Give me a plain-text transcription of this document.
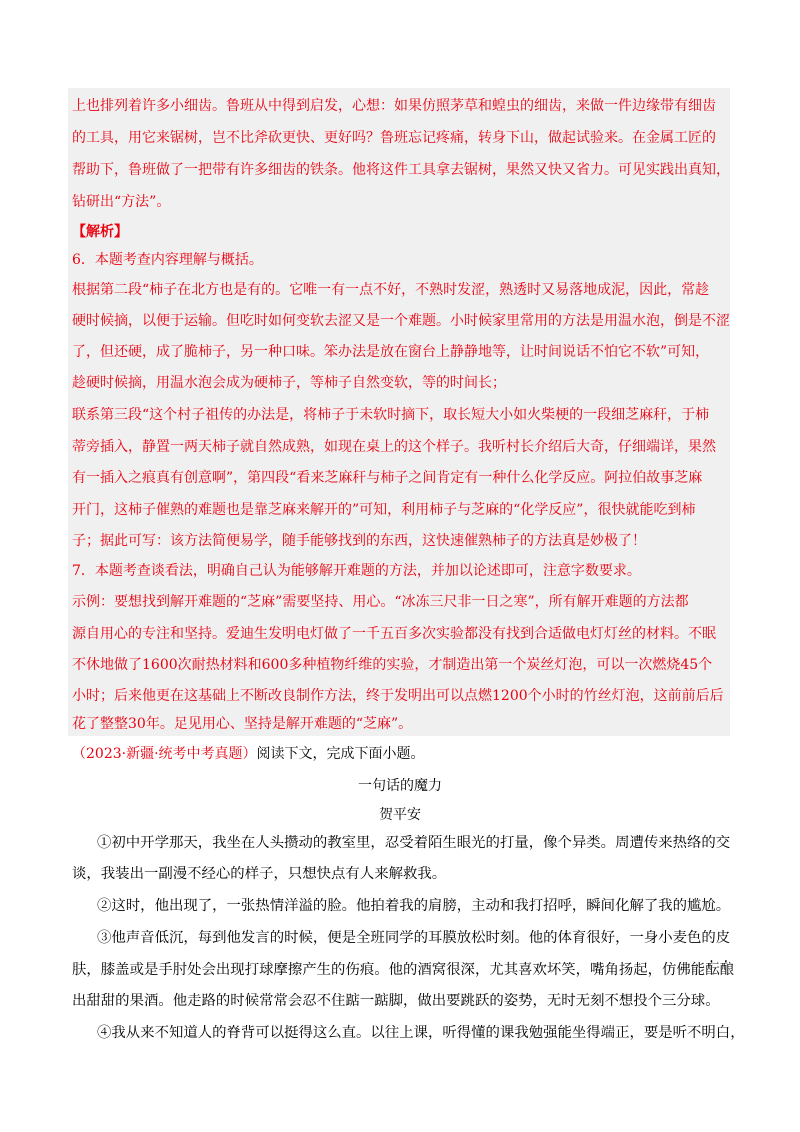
上也排列着许多小细齿。鲁班从中得到启发，心想：如果仿照茅草和蝗虫的细齿，来做一件边缘带有细齿
的工具，用它来锯树，岂不比斧砍更快、更好吗？鲁班忘记疼痛，转身下山，做起试验来。在金属工匠的
帮助下，鲁班做了一把带有许多细齿的铁条。他将这件工具拿去锯树，果然又快又省力。可见实践出真知，
钻研出“方法”。
【解析】
6．本题考查内容理解与概括。
根据第二段“柿子在北方也是有的。它唯一有一点不好，不熟时发涩，熟透时又易落地成泥，因此，常趁
硬时候摘，以便于运输。但吃时如何变软去涩又是一个难题。小时候家里常用的方法是用温水泡，倒是不涩
了，但还硬，成了脆柿子，另一种口味。笨办法是放在窗台上静静地等，让时间说话不怕它不软”可知，
趁硬时候摘，用温水泡会成为硬柿子，等柿子自然变软，等的时间长；
联系第三段“这个村子祖传的办法是，将柿子于未软时摘下，取长短大小如火柴梗的一段细芝麻秆，于柿
蒂旁插入，静置一两天柿子就自然成熟，如现在桌上的这个样子。我听村长介绍后大奇，仔细端详，果然
有一插入之痕真有创意啊”，第四段“看来芝麻秆与柿子之间肯定有一种什么化学反应。阿拉伯故事芝麻
开门，这柿子催熟的难题也是靠芝麻来解开的”可知，利用柿子与芝麻的“化学反应”，很快就能吃到柿
子；据此可写：该方法简便易学，随手能够找到的东西，这快速催熟柿子的方法真是妙极了！
7．本题考查谈看法，明确自己认为能够解开难题的方法，并加以论述即可，注意字数要求。
示例：要想找到解开难题的“芝麻”需要坚持、用心。“冰冻三尺非一日之寒”，所有解开难题的方法都
源自用心的专注和坚持。爱迪生发明电灯做了一千五百多次实验都没有找到合适做电灯灯丝的材料。不眠
不休地做了1600次耐热材料和600多种植物纤维的实验，才制造出第一个炭丝灯泡，可以一次燃烧45个
小时；后来他更在这基础上不断改良制作方法，终于发明出可以点燃1200个小时的竹丝灯泡，这前前后后
花了整整30年。足见用心、坚持是解开难题的“芝麻”。
（2023·新疆·统考中考真题）阅读下文，完成下面小题。
一句话的魔力
贺平安
①初中开学那天，我坐在人头攒动的教室里，忍受着陌生眼光的打量，像个异类。周遭传来热络的交
谈，我装出一副漫不经心的样子，只想快点有人来解救我。
②这时，他出现了，一张热情洋溢的脸。他拍着我的肩膀，主动和我打招呼，瞬间化解了我的尴尬。
③他声音低沉，每到他发言的时候，便是全班同学的耳膜放松时刻。他的体育很好，一身小麦色的皮
肤，膝盖或是手肘处会出现打球摩擦产生的伤痕。他的酒窝很深，尤其喜欢坏笑，嘴角扬起，仿佛能酝酿
出甜甜的果酒。他走路的时候常常会忍不住踮一踮脚，做出要跳跃的姿势，无时无刻不想投个三分球。
④我从来不知道人的脊背可以挺得这么直。以往上课，听得懂的课我勉强能坐得端正，要是听不明白，
